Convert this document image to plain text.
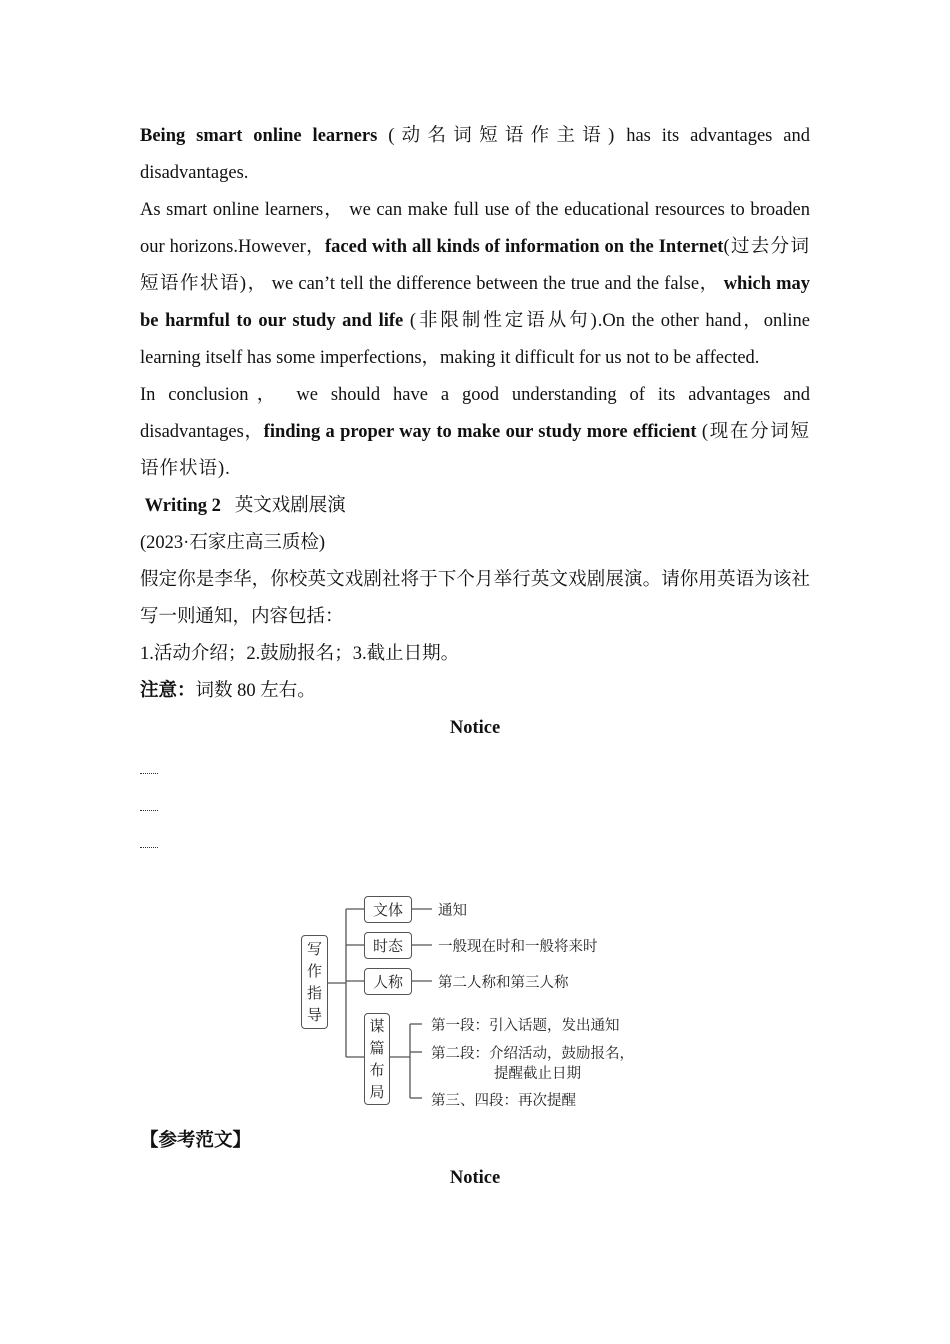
Being smart online learners (动名词短语作主语) has its advantages and disadvantages.

As smart online learners， we can make full use of the educational resources to broaden our horizons.However，faced with all kinds of information on the Internet(过去分词短语作状语)， we can’t tell the difference between the true and the false， which may be harmful to our study and life (非限制性定语从句).On the other hand，online learning itself has some imperfections，making it difficult for us not to be affected.

In conclusion， we should have a good understanding of its advantages and disadvantages，finding a proper way to make our study more efficient (现在分词短语作状语).

Writing 2 英文戏剧展演

(2023·石家庄高三质检)

假定你是李华，你校英文戏剧社将于下个月举行英文戏剧展演。请你用英语为该社写一则通知，内容包括：

1.活动介绍；2.鼓励报名；3.截止日期。

注意：词数 80 左右。

Notice

写
作
指
导
文体	通知
时态	一般现在时和一般将来时
人称	第二人称和第三人称
谋
篇
布
局
第一段：引入话题，发出通知
第二段：介绍活动，鼓励报名，
提醒截止日期
第三、四段：再次提醒

【参考范文】

Notice
